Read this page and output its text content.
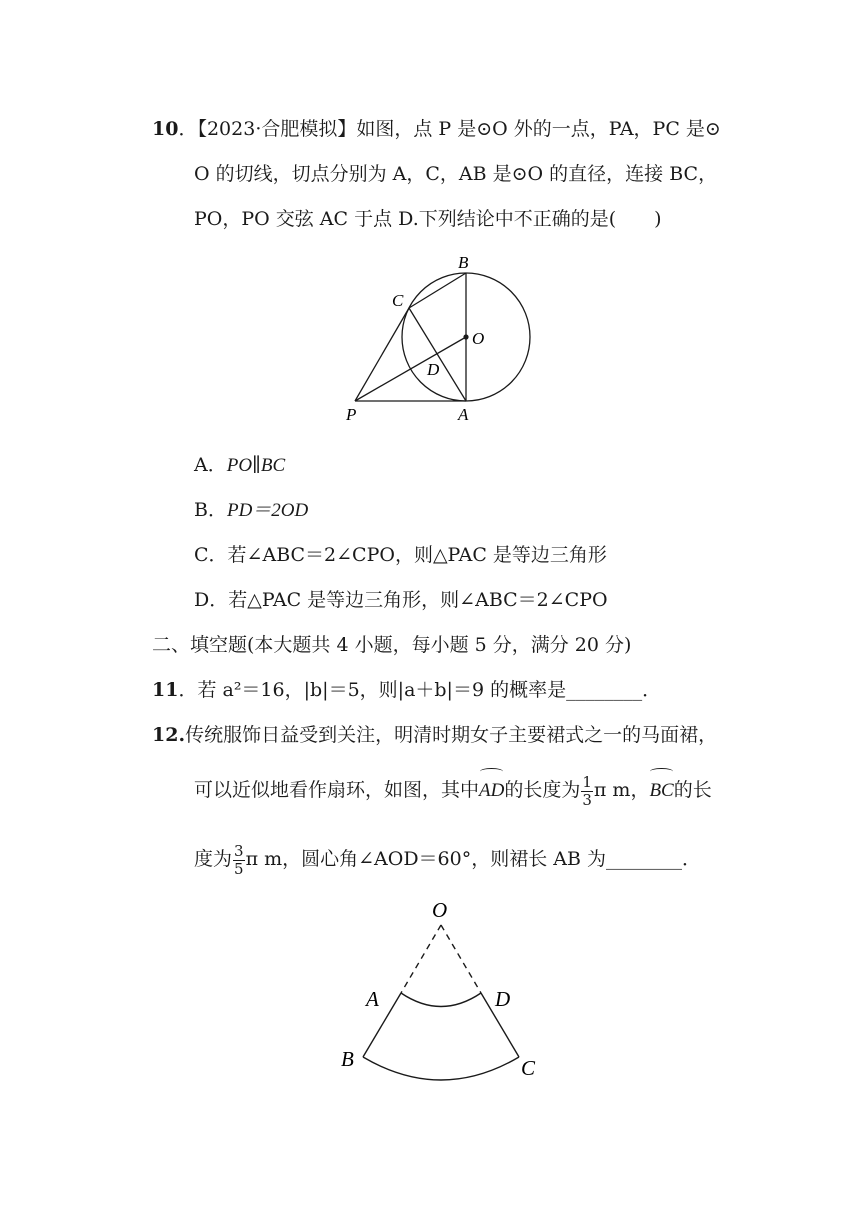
10．【2023·合肥模拟】如图，点 P 是⊙O 外的一点，PA，PC 是⊙
O 的切线，切点分别为 A，C，AB 是⊙O 的直径，连接 BC，
PO，PO 交弦 AC 于点 D.下列结论中不正确的是(　　)
B
C
O
D
P	A
A．PO∥BC
B．PD＝2OD
C．若∠ABC＝2∠CPO，则△PAC 是等边三角形
D．若△PAC 是等边三角形，则∠ABC＝2∠CPO
二、填空题(本大题共 4 小题，每小题 5 分，满分 20 分)
11．若 a²＝16，|b|＝5，则|a＋b|＝9 的概率是________．
12.传统服饰日益受到关注，明清时期女子主要裙式之一的马面裙，
可以近似地看作扇环，如图，其中AD的长度为 $\frac{1}{3}$ π m，BC的长
度为 $\frac{3}{5}$ π m，圆心角∠AOD＝60°，则裙长 AB 为________．
O
A	D
B	C
